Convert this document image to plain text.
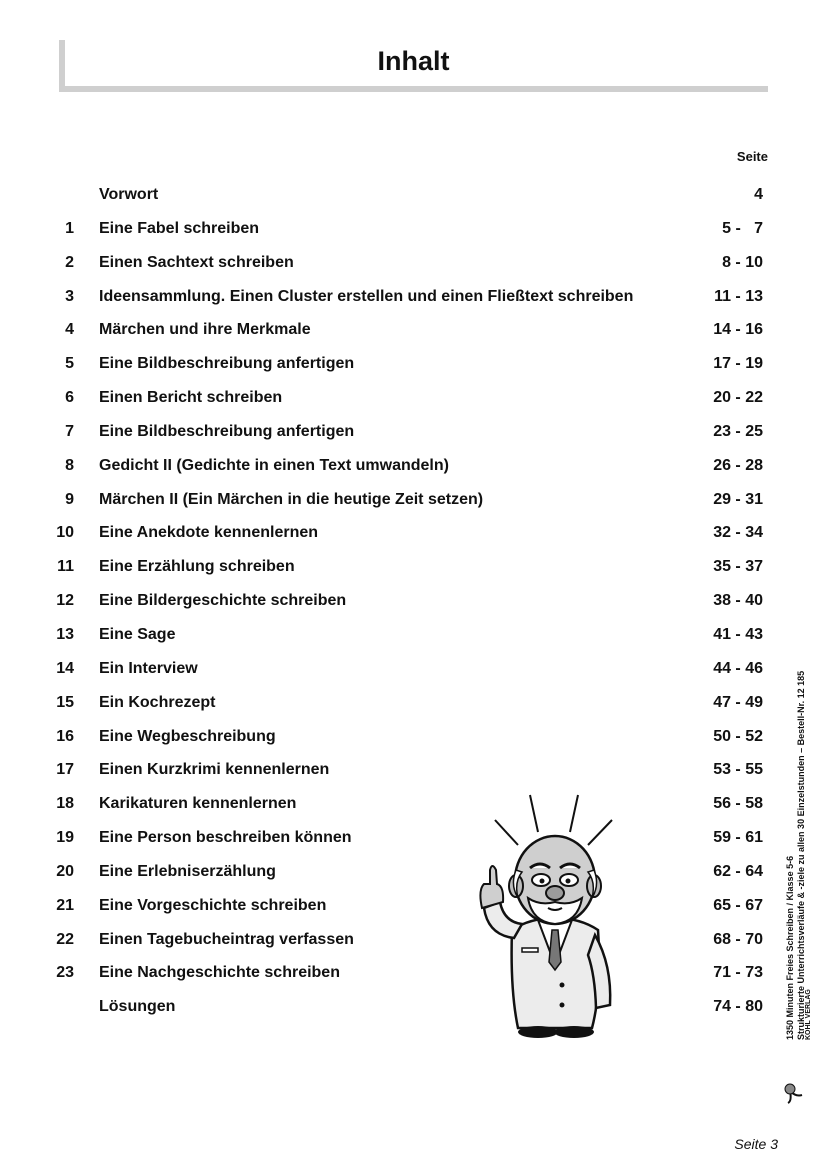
Inhalt
Seite
Vorwort	4
1 Eine Fabel schreiben	5 -   7
2 Einen Sachtext schreiben	8 - 10
3 Ideensammlung. Einen Cluster erstellen und einen Fließtext schreiben	11 - 13
4 Märchen und ihre Merkmale	14 - 16
5 Eine Bildbeschreibung anfertigen	17 - 19
6 Einen Bericht schreiben	20 - 22
7 Eine Bildbeschreibung anfertigen	23 - 25
8 Gedicht II (Gedichte in einen Text umwandeln)	26 - 28
9 Märchen II (Ein Märchen in die heutige Zeit setzen)	29 - 31
10 Eine Anekdote kennenlernen	32 - 34
11 Eine Erzählung schreiben	35 - 37
12 Eine Bildergeschichte schreiben	38 - 40
13 Eine Sage	41 - 43
14 Ein Interview	44 - 46
15 Ein Kochrezept	47 - 49
16 Eine Wegbeschreibung	50 - 52
17 Einen Kurzkrimi kennenlernen	53 - 55
18 Karikaturen kennenlernen	56 - 58
19 Eine Person beschreiben können	59 - 61
20 Eine Erlebniserzählung	62 - 64
21 Eine Vorgeschichte schreiben	65 - 67
22 Einen Tagebucheintrag verfassen	68 - 70
23 Eine Nachgeschichte schreiben	71 - 73
Lösungen	74 - 80 1350 Minuten Freies Schreiben / Klasse 5-6 Strukturierte Unterrichtsverläufe & -ziele zu allen 30 Einzelstunden – Bestell-Nr. 12 185 KOHL VERLAG
Seite 3
